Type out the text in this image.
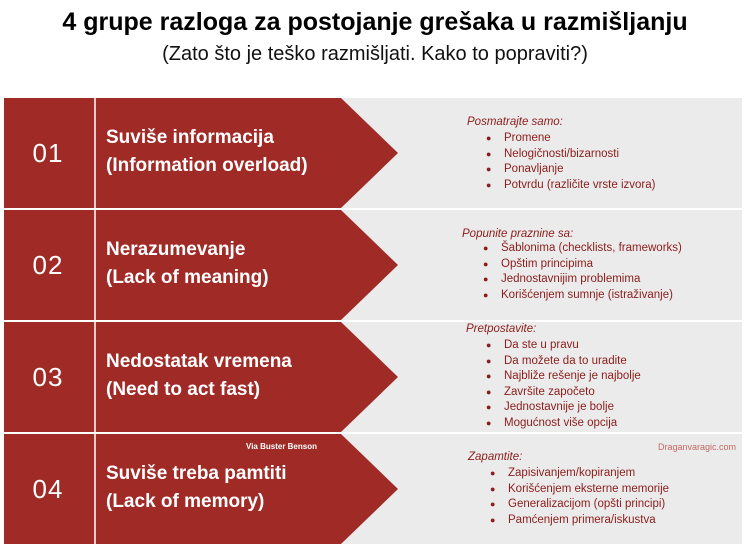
4 grupe razloga za postojanje grešaka u razmišljanju
(Zato što je teško razmišljati. Kako to popraviti?)
01
Suviše informacija
(Information overload)
Posmatrajte samo:
● Promene
● Nelogičnosti/bizarnosti
● Ponavljanje
● Potvrdu (različite vrste izvora)
02
Nerazumevanje
(Lack of meaning)
Popunite praznine sa:
● Šablonima (checklists, frameworks)
● Opštim principima
● Jednostavnijim problemima
● Korišćenjem sumnje (istraživanje)
03
Nedostatak vremena
(Need to act fast)
Pretpostavite:
● Da ste u pravu
● Da možete da to uradite
● Najbliže rešenje je najbolje
● Završite započeto
● Jednostavnije je bolje
● Mogućnost više opcija
04
Suviše treba pamtiti
(Lack of memory)
Via Buster Benson	Draganvaragic.com
Zapamtite:
● Zapisivanjem/kopiranjem
● Korišćenjem eksterne memorije
● Generalizacijom (opšti principi)
● Pamćenjem primera/iskustva
